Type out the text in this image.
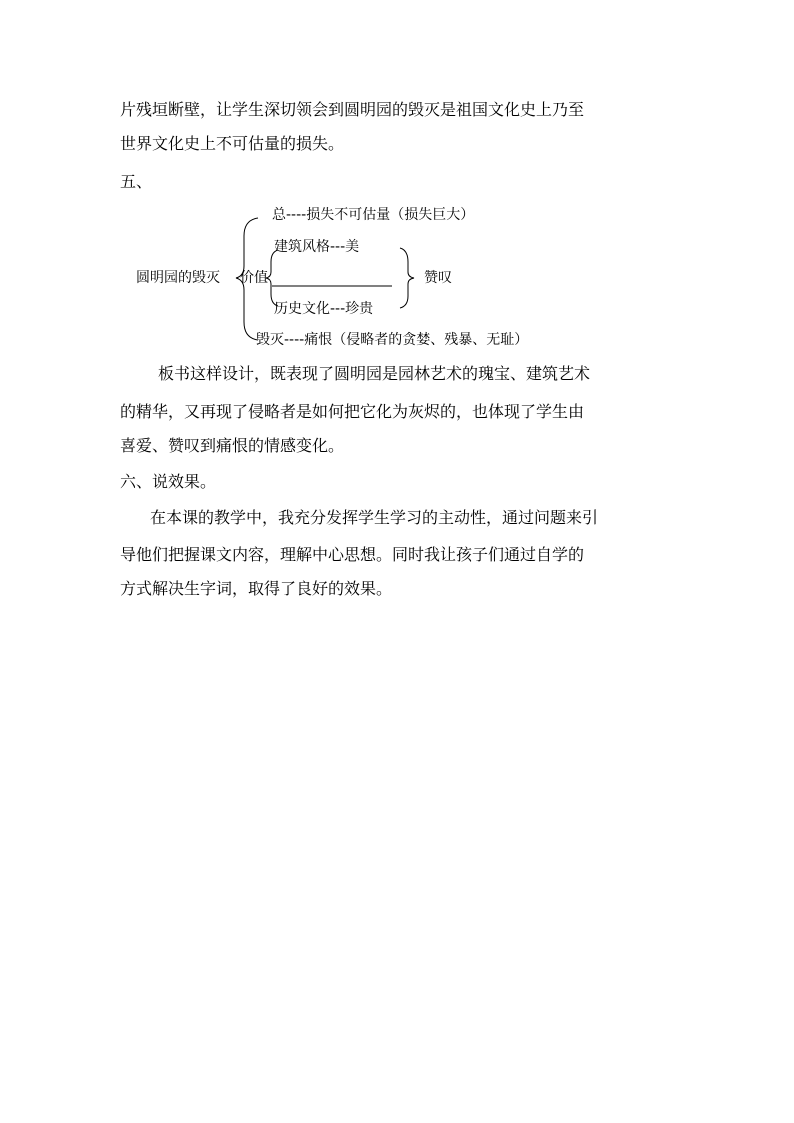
片残垣断壁，让学生深切领会到圆明园的毁灭是祖国文化史上乃至
世界文化史上不可估量的损失。
五、
总----损失不可估量（损失巨大）
建筑风格---美
圆明园的毁灭 价值	赞叹
历史文化---珍贵
毁灭----痛恨（侵略者的贪婪、残暴、无耻）
板书这样设计，既表现了圆明园是园林艺术的瑰宝、建筑艺术
的精华，又再现了侵略者是如何把它化为灰烬的，也体现了学生由
喜爱、赞叹到痛恨的情感变化。
六、说效果。
在本课的教学中，我充分发挥学生学习的主动性，通过问题来引
导他们把握课文内容，理解中心思想。同时我让孩子们通过自学的
方式解决生字词，取得了良好的效果。
